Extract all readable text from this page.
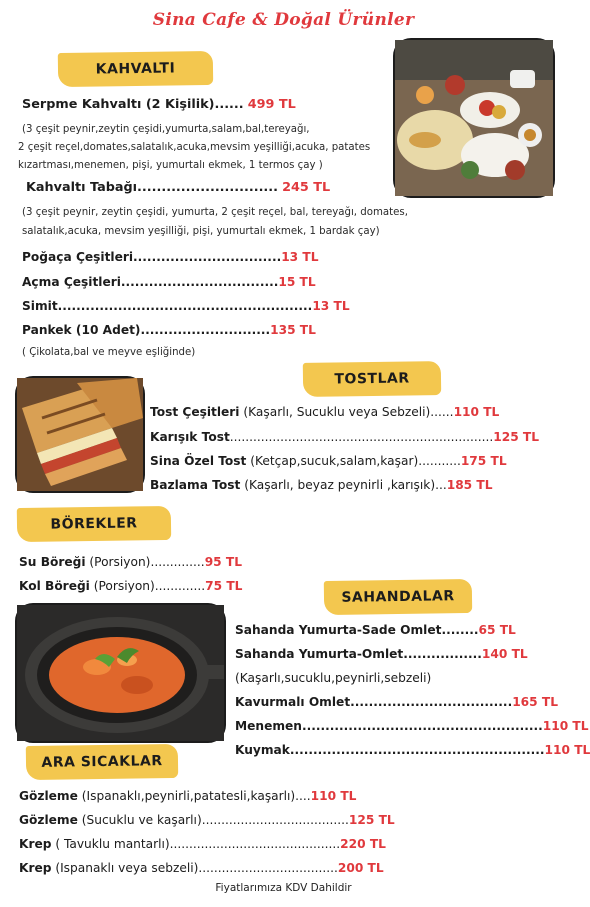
Sina Cafe & Doğal Ürünler
KAHVALTI
Serpme Kahvaltı (2 Kişilik)...... 499 TL
(3 çeşit peynir,zeytin çeşidi,yumurta,salam,bal,tereyağı,
2 çeşit reçel,domates,salatalık,acuka,mevsim yeşilliği,acuka, patates
kızartması,menemen, pişi, yumurtalı ekmek, 1 termos çay )
Kahvaltı Tabağı............................. 245 TL
(3 çeşit peynir, zeytin çeşidi, yumurta, 2 çeşit reçel, bal, tereyağı, domates,
salatalık,acuka, mevsim yeşilliği, pişi, yumurtalı ekmek, 1 bardak çay)
Poğaça Çeşitleri................................13 TL
Açma Çeşitleri..................................15 TL
Simit.......................................................13 TL
Pankek (10 Adet)............................135 TL
( Çikolata,bal ve meyve eşliğinde)
TOSTLAR
Tost Çeşitleri (Kaşarlı, Sucuklu veya Sebzeli)......110 TL
Karışık Tost....................................................................125 TL
Sina Özel Tost (Ketçap,sucuk,salam,kaşar)...........175 TL
Bazlama Tost (Kaşarlı, beyaz peynirli ,karışık)...185 TL
BÖREKLER
Su Böreği (Porsiyon)..............95 TL
Kol Böreği (Porsiyon).............75 TL
SAHANDALAR
Sahanda Yumurta-Sade Omlet........65 TL
Sahanda Yumurta-Omlet.................140 TL
(Kaşarlı,sucuklu,peynirli,sebzeli)
Kavurmalı Omlet...................................165 TL
Menemen....................................................110 TL
Kuymak.......................................................110 TL
ARA SICAKLAR
Gözleme (Ispanaklı,peynirli,patatesli,kaşarlı)....110 TL
Gözleme (Sucuklu ve kaşarlı)......................................125 TL
Krep ( Tavuklu mantarlı)............................................220 TL
Krep (Ispanaklı veya sebzeli)....................................200 TL
Fiyatlarımıza KDV Dahildir
